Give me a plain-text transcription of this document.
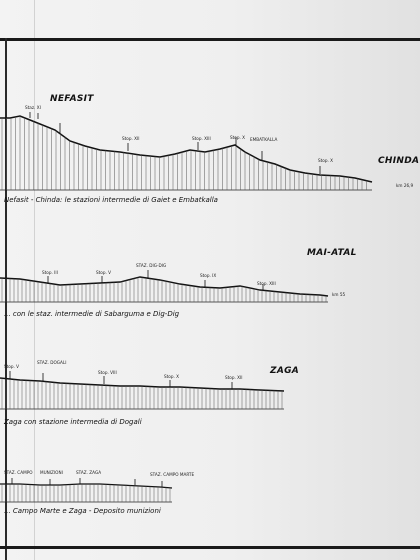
NEFASIT
CHINDA
Staz. XI
Stop. XII	Stop. XIII	Stop. X EMBATKALLA
Stop. X
km 26,9
Nefasit - Chinda: le stazioni intermedie di Gaiet e Embatkalla
MAI-ATAL
Stop. III	Stop. V
STAZ. DIG-DIG
Stop. IX
Stop. XIII
km 55
... con le staz. intermedie di Sabarguma e Dig-Dig
ZAGA
Stop. V
STAZ. DOGALI
Stop. VIII
Stop. X	Stop. XII
Zaga con stazione intermedia di Dogali
STAZ. CAMPO MUNIZIONI	STAZ. ZAGA	STAZ. CAMPO MARTE
... Campo Marte e Zaga - Deposito munizioni
